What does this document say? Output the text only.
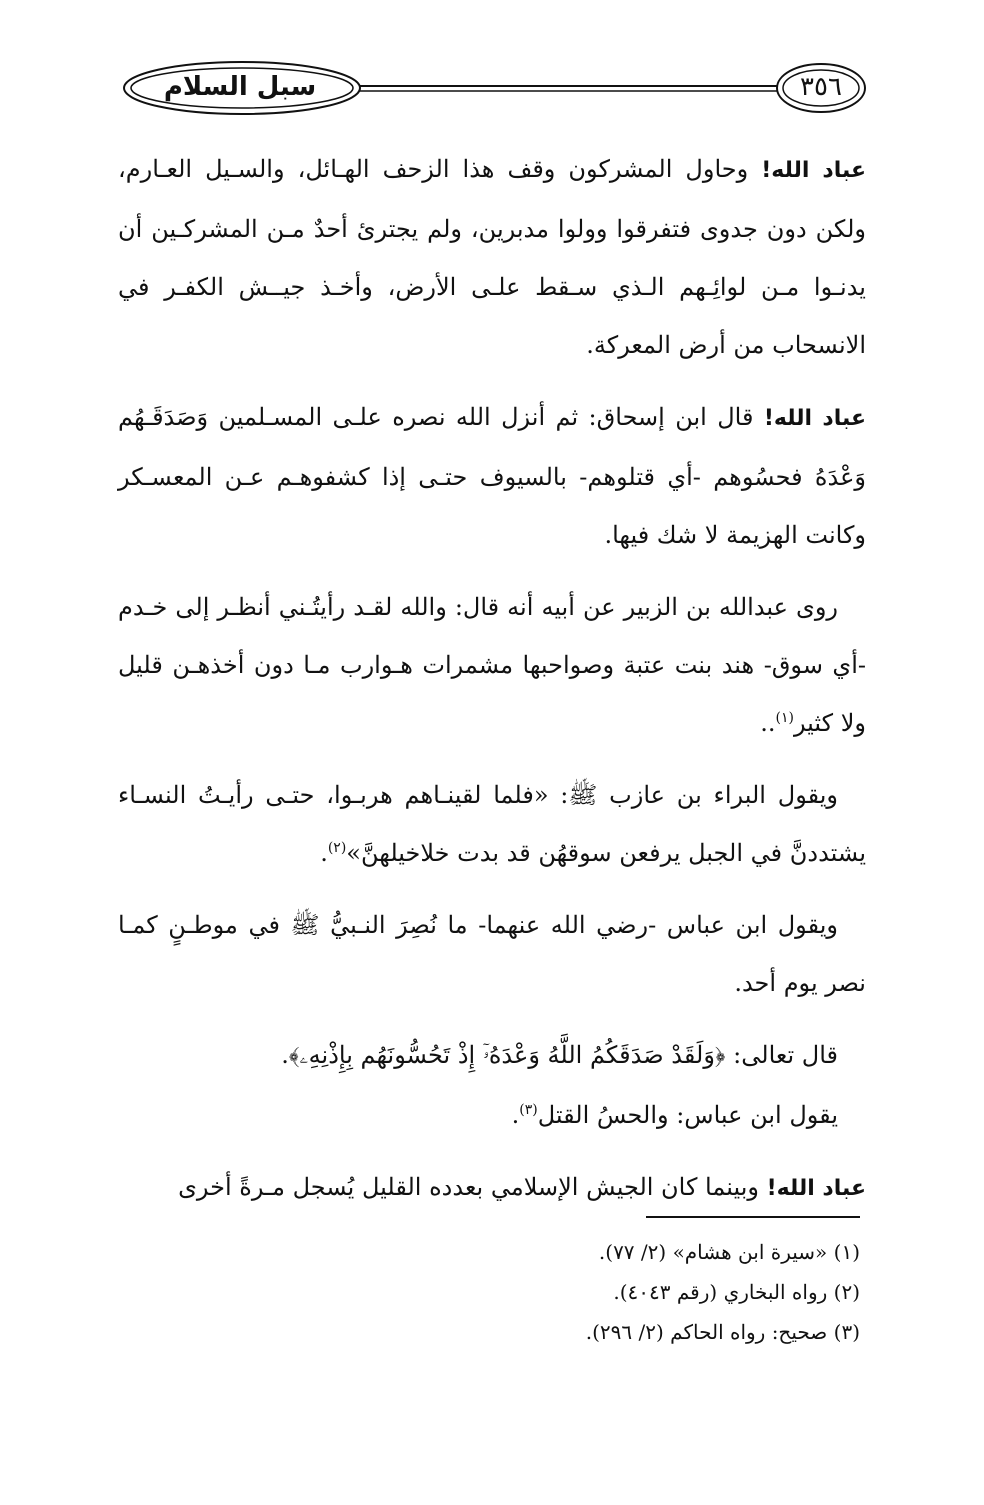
سبل السلام	٣٥٦

عباد الله! وحاول المشركون وقف هذا الزحف الهـائل، والسـيل العـارم، ولكن دون جدوى فتفرقوا وولوا مدبرين، ولم يجترئ أحدٌ مـن المشركـين أن يدنـوا مـن لوائِـهم الـذي سـقط علـى الأرض، وأخـذ جيــش الكفـر في الانسحاب من أرض المعركة.

عباد الله! قال ابن إسحاق: ثم أنزل الله نصره علـى المسـلمين وَصَدَقَـهُم وَعْدَهُ فحسُوهم -أي قتلوهم- بالسيوف حتـى إذا كشفوهـم عـن المعسـكر وكانت الهزيمة لا شك فيها.

روى عبدالله بن الزبير عن أبيه أنه قال: والله لقـد رأيتُـني أنظـر إلى خـدم -أي سوق- هند بنت عتبة وصواحبها مشمرات هـوارب مـا دون أخذهـن قليل ولا كثير$^{(١)}$..

ويقول البراء بن عازب ﷺ: «فلما لقينـاهم هربـوا، حتـى رأيـتُ النسـاء يشتددنَّ في الجبل يرفعن سوقهُن قد بدت خلاخيلهنَّ»$^{(٢)}$.

ويقول ابن عباس -رضي الله عنهما- ما نُصِرَ النـبيُّ ﷺ في موطـنٍ كمـا نصر يوم أحد.

قال تعالى: ﴿وَلَقَدْ صَدَقَكُمُ اللَّهُ وَعْدَهُۥٓ إِذْ تَحُسُّونَهُم بِإِذْنِهِۦ﴾.

يقول ابن عباس: والحسُ القتل$^{(٣)}$.

عباد الله! وبينما كان الجيش الإسلامي بعدده القليل يُسجل مـرةً أخرى

(١) «سيرة ابن هشام» (٢/ ٧٧).

(٢) رواه البخاري (رقم ٤٠٤٣).

(٣) صحيح: رواه الحاكم (٢/ ٢٩٦).
